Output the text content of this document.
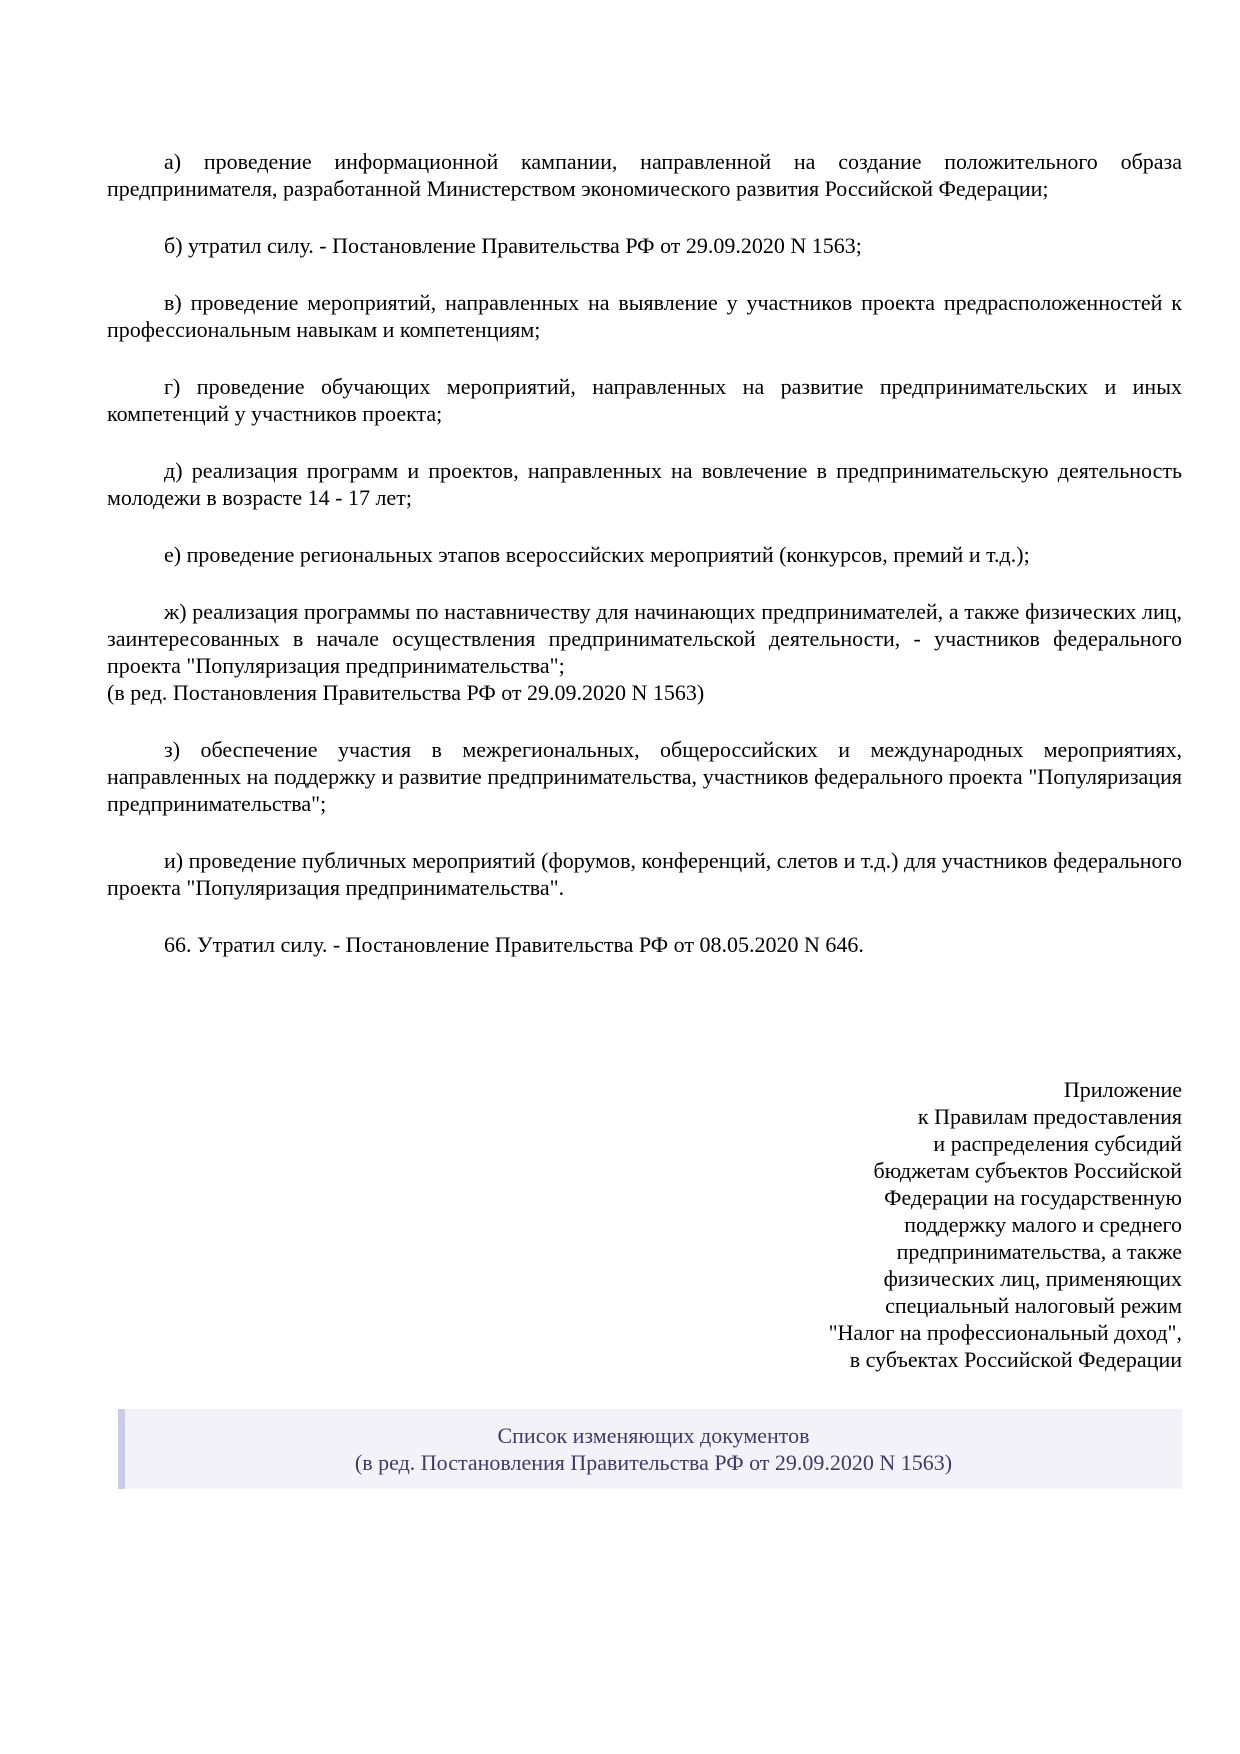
а) проведение информационной кампании, направленной на создание положительного образа предпринимателя, разработанной Министерством экономического развития Российской Федерации;
б) утратил силу. - Постановление Правительства РФ от 29.09.2020 N 1563;
в) проведение мероприятий, направленных на выявление у участников проекта предрасположенностей к профессиональным навыкам и компетенциям;
г) проведение обучающих мероприятий, направленных на развитие предпринимательских и иных компетенций у участников проекта;
д) реализация программ и проектов, направленных на вовлечение в предпринимательскую деятельность молодежи в возрасте 14 - 17 лет;
е) проведение региональных этапов всероссийских мероприятий (конкурсов, премий и т.д.);
ж) реализация программы по наставничеству для начинающих предпринимателей, а также физических лиц, заинтересованных в начале осуществления предпринимательской деятельности, - участников федерального проекта "Популяризация предпринимательства";
(в ред. Постановления Правительства РФ от 29.09.2020 N 1563)
з) обеспечение участия в межрегиональных, общероссийских и международных мероприятиях, направленных на поддержку и развитие предпринимательства, участников федерального проекта "Популяризация предпринимательства";
и) проведение публичных мероприятий (форумов, конференций, слетов и т.д.) для участников федерального проекта "Популяризация предпринимательства".
66. Утратил силу. - Постановление Правительства РФ от 08.05.2020 N 646.
Приложение
к Правилам предоставления
и распределения субсидий
бюджетам субъектов Российской
Федерации на государственную
поддержку малого и среднего
предпринимательства, а также
физических лиц, применяющих
специальный налоговый режим
"Налог на профессиональный доход",
в субъектах Российской Федерации
Список изменяющих документов
(в ред. Постановления Правительства РФ от 29.09.2020 N 1563)
